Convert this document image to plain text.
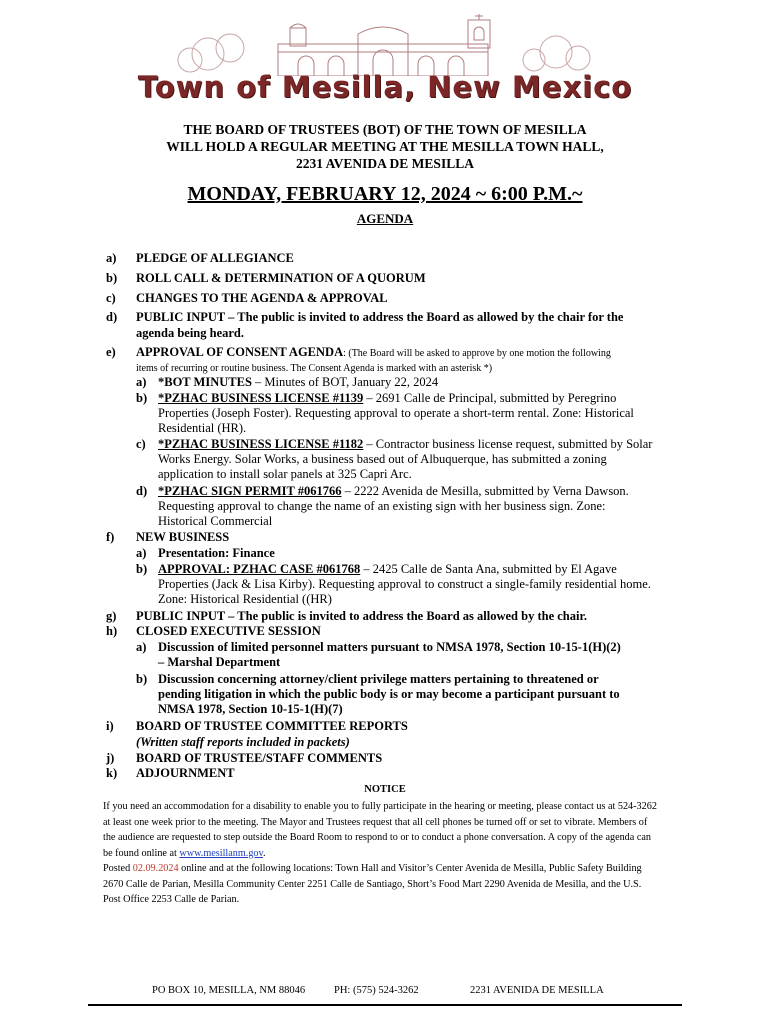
Town of Mesilla, New Mexico
THE BOARD OF TRUSTEES (BOT) OF THE TOWN OF MESILLA
WILL HOLD A REGULAR MEETING AT THE MESILLA TOWN HALL,
2231 AVENIDA DE MESILLA
MONDAY, FEBRUARY 12, 2024 ~ 6:00 P.M.~
AGENDA
a) PLEDGE OF ALLEGIANCE
b) ROLL CALL & DETERMINATION OF A QUORUM
c) CHANGES TO THE AGENDA & APPROVAL
d) PUBLIC INPUT – The public is invited to address the Board as allowed by the chair for the
agenda being heard.
e) APPROVAL OF CONSENT AGENDA: (The Board will be asked to approve by one motion the following
items of recurring or routine business. The Consent Agenda is marked with an asterisk *)
a) *BOT MINUTES – Minutes of BOT, January 22, 2024
b) *PZHAC BUSINESS LICENSE #1139 – 2691 Calle de Principal, submitted by Peregrino
Properties (Joseph Foster). Requesting approval to operate a short-term rental. Zone: Historical
Residential (HR).
c) *PZHAC BUSINESS LICENSE #1182 – Contractor business license request, submitted by Solar
Works Energy. Solar Works, a business based out of Albuquerque, has submitted a zoning
application to install solar panels at 325 Capri Arc.
d) *PZHAC SIGN PERMIT #061766 – 2222 Avenida de Mesilla, submitted by Verna Dawson.
Requesting approval to change the name of an existing sign with her business sign. Zone:
Historical Commercial
f) NEW BUSINESS
a) Presentation: Finance
b) APPROVAL: PZHAC CASE #061768 – 2425 Calle de Santa Ana, submitted by El Agave
Properties (Jack & Lisa Kirby). Requesting approval to construct a single-family residential home.
Zone: Historical Residential ((HR)
g) PUBLIC INPUT – The public is invited to address the Board as allowed by the chair.
h) CLOSED EXECUTIVE SESSION
a) Discussion of limited personnel matters pursuant to NMSA 1978, Section 10-15-1(H)(2)
– Marshal Department
b) Discussion concerning attorney/client privilege matters pertaining to threatened or
pending litigation in which the public body is or may become a participant pursuant to
NMSA 1978, Section 10-15-1(H)(7)
i) BOARD OF TRUSTEE COMMITTEE REPORTS
(Written staff reports included in packets)
j) BOARD OF TRUSTEE/STAFF COMMENTS
k) ADJOURNMENT
NOTICE
If you need an accommodation for a disability to enable you to fully participate in the hearing or meeting, please contact us at 524-3262
at least one week prior to the meeting. The Mayor and Trustees request that all cell phones be turned off or set to vibrate. Members of
the audience are requested to step outside the Board Room to respond to or to conduct a phone conversation. A copy of the agenda can
be found online at www.mesillanm.gov.
Posted 02.09.2024 online and at the following locations: Town Hall and Visitor’s Center Avenida de Mesilla, Public Safety Building
2670 Calle de Parian, Mesilla Community Center 2251 Calle de Santiago, Short’s Food Mart 2290 Avenida de Mesilla, and the U.S.
Post Office 2253 Calle de Parian.
PO BOX 10, MESILLA, NM 88046	PH: (575) 524-3262	2231 AVENIDA DE MESILLA
